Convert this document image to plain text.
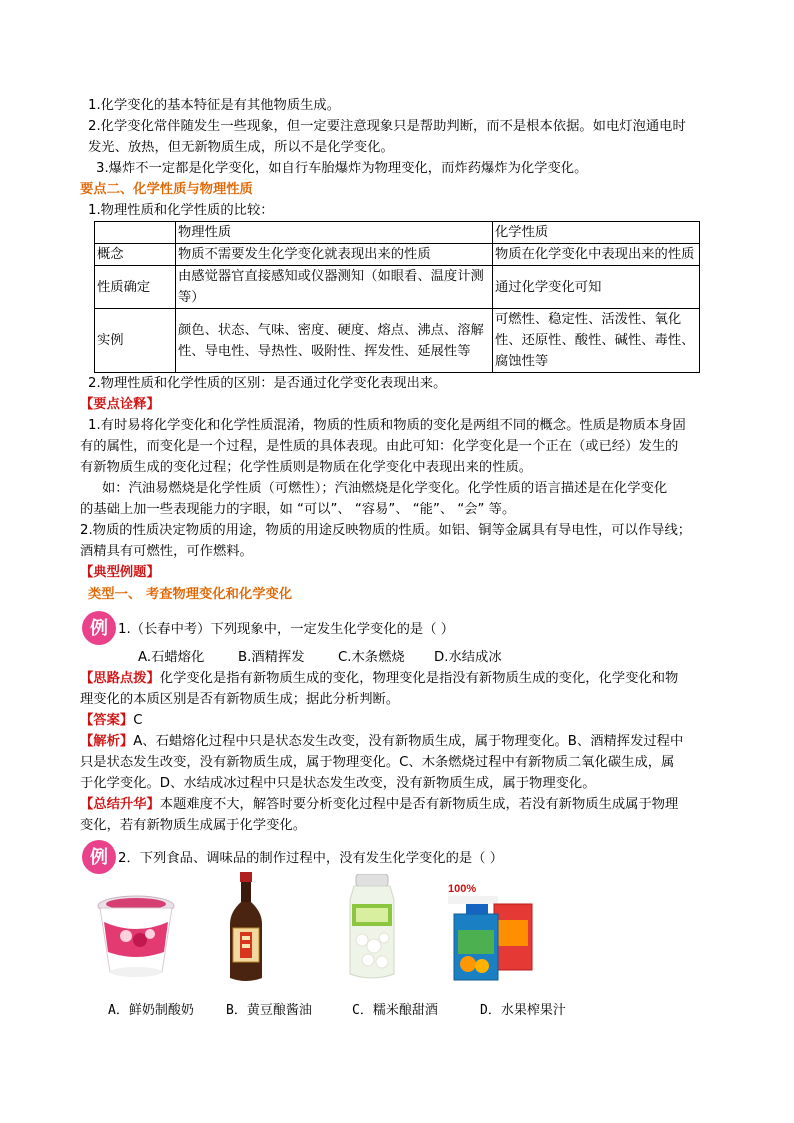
1.化学变化的基本特征是有其他物质生成。

2.化学变化常伴随发生一些现象，但一定要注意现象只是帮助判断，而不是根本依据。如电灯泡通电时

发光、放热，但无新物质生成，所以不是化学变化。

3.爆炸不一定都是化学变化，如自行车胎爆炸为物理变化，而炸药爆炸为化学变化。

要点二、化学性质与物理性质

1.物理性质和化学性质的比较：

	物理性质	化学性质
概念	物质不需要发生化学变化就表现出来的性质	物质在化学变化中表现出来的性质
性质确定	由感觉器官直接感知或仪器测知（如眼看、温度计测等）	通过化学变化可知
实例	颜色、状态、气味、密度、硬度、熔点、沸点、溶解性、导电性、导热性、吸附性、挥发性、延展性等	可燃性、稳定性、活泼性、氧化性、还原性、酸性、碱性、毒性、腐蚀性等

2.物理性质和化学性质的区别：是否通过化学变化表现出来。

【要点诠释】

1.有时易将化学变化和化学性质混淆，物质的性质和物质的变化是两组不同的概念。性质是物质本身固

有的属性，而变化是一个过程，是性质的具体表现。由此可知：化学变化是一个正在（或已经）发生的

有新物质生成的变化过程；化学性质则是物质在化学变化中表现出来的性质。

如：汽油易燃烧是化学性质（可燃性）；汽油燃烧是化学变化。化学性质的语言描述是在化学变化

的基础上加一些表现能力的字眼，如 “可以”、 “容易”、 “能”、 “会” 等。

2.物质的性质决定物质的用途，物质的用途反映物质的性质。如铝、铜等金属具有导电性，可以作导线；

酒精具有可燃性，可作燃料。

【典型例题】

类型一、 考查物理变化和化学变化

例 1.（长春中考）下列现象中，一定发生化学变化的是（ ）

A.石蜡熔化	B.酒精挥发	C.木条燃烧	D.水结成冰

【思路点拨】化学变化是指有新物质生成的变化，物理变化是指没有新物质生成的变化，化学变化和物

理变化的本质区别是否有新物质生成；据此分析判断。

【答案】C

【解析】A、石蜡熔化过程中只是状态发生改变，没有新物质生成，属于物理变化。B、酒精挥发过程中

只是状态发生改变，没有新物质生成，属于物理变化。C、木条燃烧过程中有新物质二氧化碳生成，属

于化学变化。D、水结成冰过程中只是状态发生改变，没有新物质生成，属于物理变化。

【总结升华】本题难度不大，解答时要分析变化过程中是否有新物质生成，若没有新物质生成属于物理

变化，若有新物质生成属于化学变化。

例 2．下列食品、调味品的制作过程中，没有发生化学变化的是（ ）

100%
A．鲜奶制酸奶 B．黄豆酿酱油	C．糯米酿甜酒	D．水果榨果汁
